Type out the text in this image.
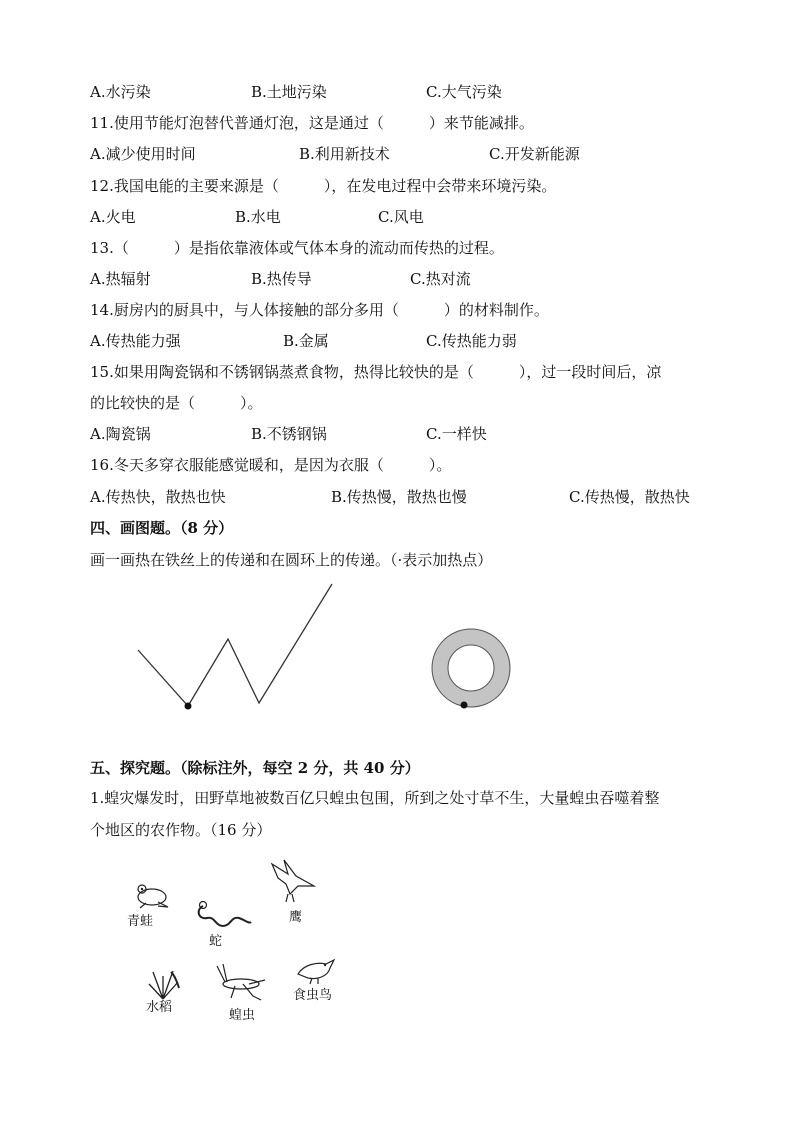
A.水污染	B.土地污染	C.大气污染
11.使用节能灯泡替代普通灯泡，这是通过（　　　）来节能减排。
A.减少使用时间	B.利用新技术	C.开发新能源
12.我国电能的主要来源是（　　　），在发电过程中会带来环境污染。
A.火电	B.水电	C.风电
13.（　　　）是指依靠液体或气体本身的流动而传热的过程。
A.热辐射	B.热传导	C.热对流
14.厨房内的厨具中，与人体接触的部分多用（　　　）的材料制作。
A.传热能力强	B.金属	C.传热能力弱
15.如果用陶瓷锅和不锈钢锅蒸煮食物，热得比较快的是（　　　），过一段时间后，凉
的比较快的是（　　　）。
A.陶瓷锅	B.不锈钢锅	C.一样快
16.冬天多穿衣服能感觉暖和，是因为衣服（　　　）。
A.传热快，散热也快	B.传热慢，散热也慢	C.传热慢，散热快
四、画图题。（8 分）
画一画热在铁丝上的传递和在圆环上的传递。（·表示加热点）
五、探究题。（除标注外，每空 2 分，共 40 分）
1.蝗灾爆发时，田野草地被数百亿只蝗虫包围，所到之处寸草不生，大量蝗虫吞噬着整
个地区的农作物。（16 分）
青蛙
蛇
鹰
水稻
蝗虫
食虫鸟
